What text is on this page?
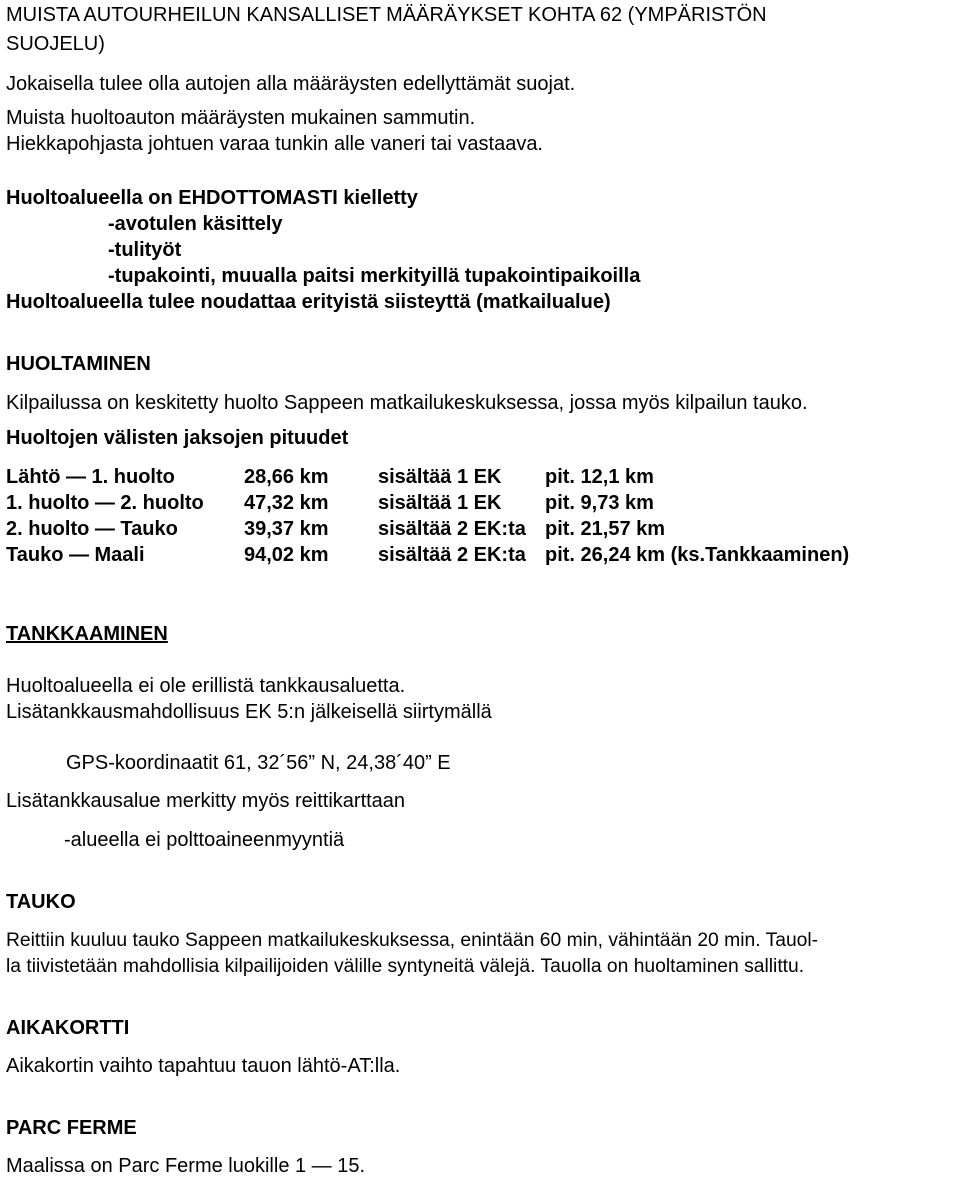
MUISTA AUTOURHEILUN KANSALLISET MÄÄRÄYKSET KOHTA 62 (YMPÄRISTÖN
SUOJELU)
Jokaisella tulee olla autojen alla määräysten edellyttämät suojat.
Muista huoltoauton määräysten mukainen sammutin.
Hiekkapohjasta johtuen varaa tunkin alle vaneri tai vastaava.
Huoltoalueella on EHDOTTOMASTI kielletty
-avotulen käsittely
-tulityöt
-tupakointi, muualla paitsi merkityillä tupakointipaikoilla
Huoltoalueella tulee noudattaa erityistä siisteyttä (matkailualue)
HUOLTAMINEN
Kilpailussa on keskitetty huolto Sappeen matkailukeskuksessa, jossa myös kilpailun tauko.
Huoltojen välisten jaksojen pituudet
Lähtö — 1. huolto	28,66 km sisältää 1 EK pit. 12,1 km
1. huolto — 2. huolto 47,32 km sisältää 1 EK pit. 9,73 km
2. huolto — Tauko	39,37 km sisältää 2 EK:ta pit. 21,57 km
Tauko — Maali	94,02 km sisältää 2 EK:ta pit. 26,24 km (ks.Tankkaaminen)
TANKKAAMINEN
Huoltoalueella ei ole erillistä tankkausaluetta.
Lisätankkausmahdollisuus EK 5:n jälkeisellä siirtymällä
GPS-koordinaatit 61, 32´56” N, 24,38´40” E
Lisätankkausalue merkitty myös reittikarttaan
-alueella ei polttoaineenmyyntiä
TAUKO
Reittiin kuuluu tauko Sappeen matkailukeskuksessa, enintään 60 min, vähintään 20 min. Tauol-
la tiivistetään mahdollisia kilpailijoiden välille syntyneitä välejä. Tauolla on huoltaminen sallittu.
AIKAKORTTI
Aikakortin vaihto tapahtuu tauon lähtö-AT:lla.
PARC FERME
Maalissa on Parc Ferme luokille 1 — 15.
